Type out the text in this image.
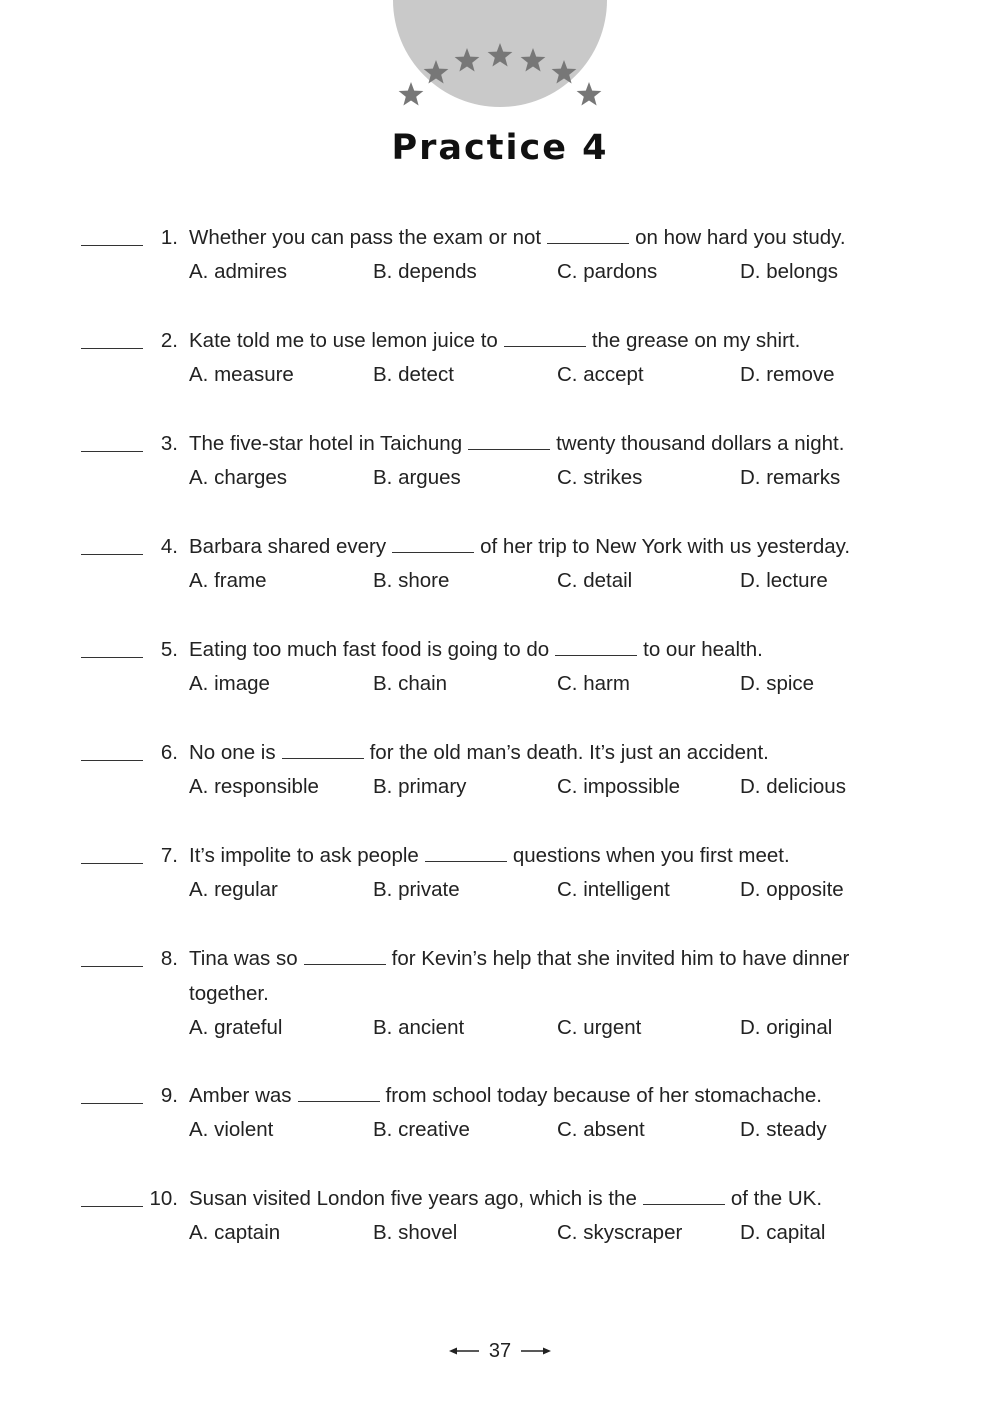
Practice 4
1. Whether you can pass the exam or not	on how hard you study.
A. admires	B. depends	C. pardons	D. belongs
2. Kate told me to use lemon juice to	the grease on my shirt.
A. measure	B. detect	C. accept	D. remove
3. The five-star hotel in Taichung	twenty thousand dollars a night.
A. charges	B. argues	C. strikes	D. remarks
4. Barbara shared every	of her trip to New York with us yesterday.
A. frame	B. shore	C. detail	D. lecture
5. Eating too much fast food is going to do	to our health.
A. image	B. chain	C. harm	D. spice
6. No one is	for the old man’s death. It’s just an accident.
A. responsible	B. primary	C. impossible	D. delicious
7. It’s impolite to ask people	questions when you first meet.
A. regular	B. private	C. intelligent	D. opposite
8. Tina was so	for Kevin’s help that she invited him to have dinner
together.
A. grateful	B. ancient	C. urgent	D. original
9. Amber was	from school today because of her stomachache.
A. violent	B. creative	C. absent	D. steady
10. Susan visited London five years ago, which is the	of the UK.
A. captain	B. shovel	C. skyscraper	D. capital
37
